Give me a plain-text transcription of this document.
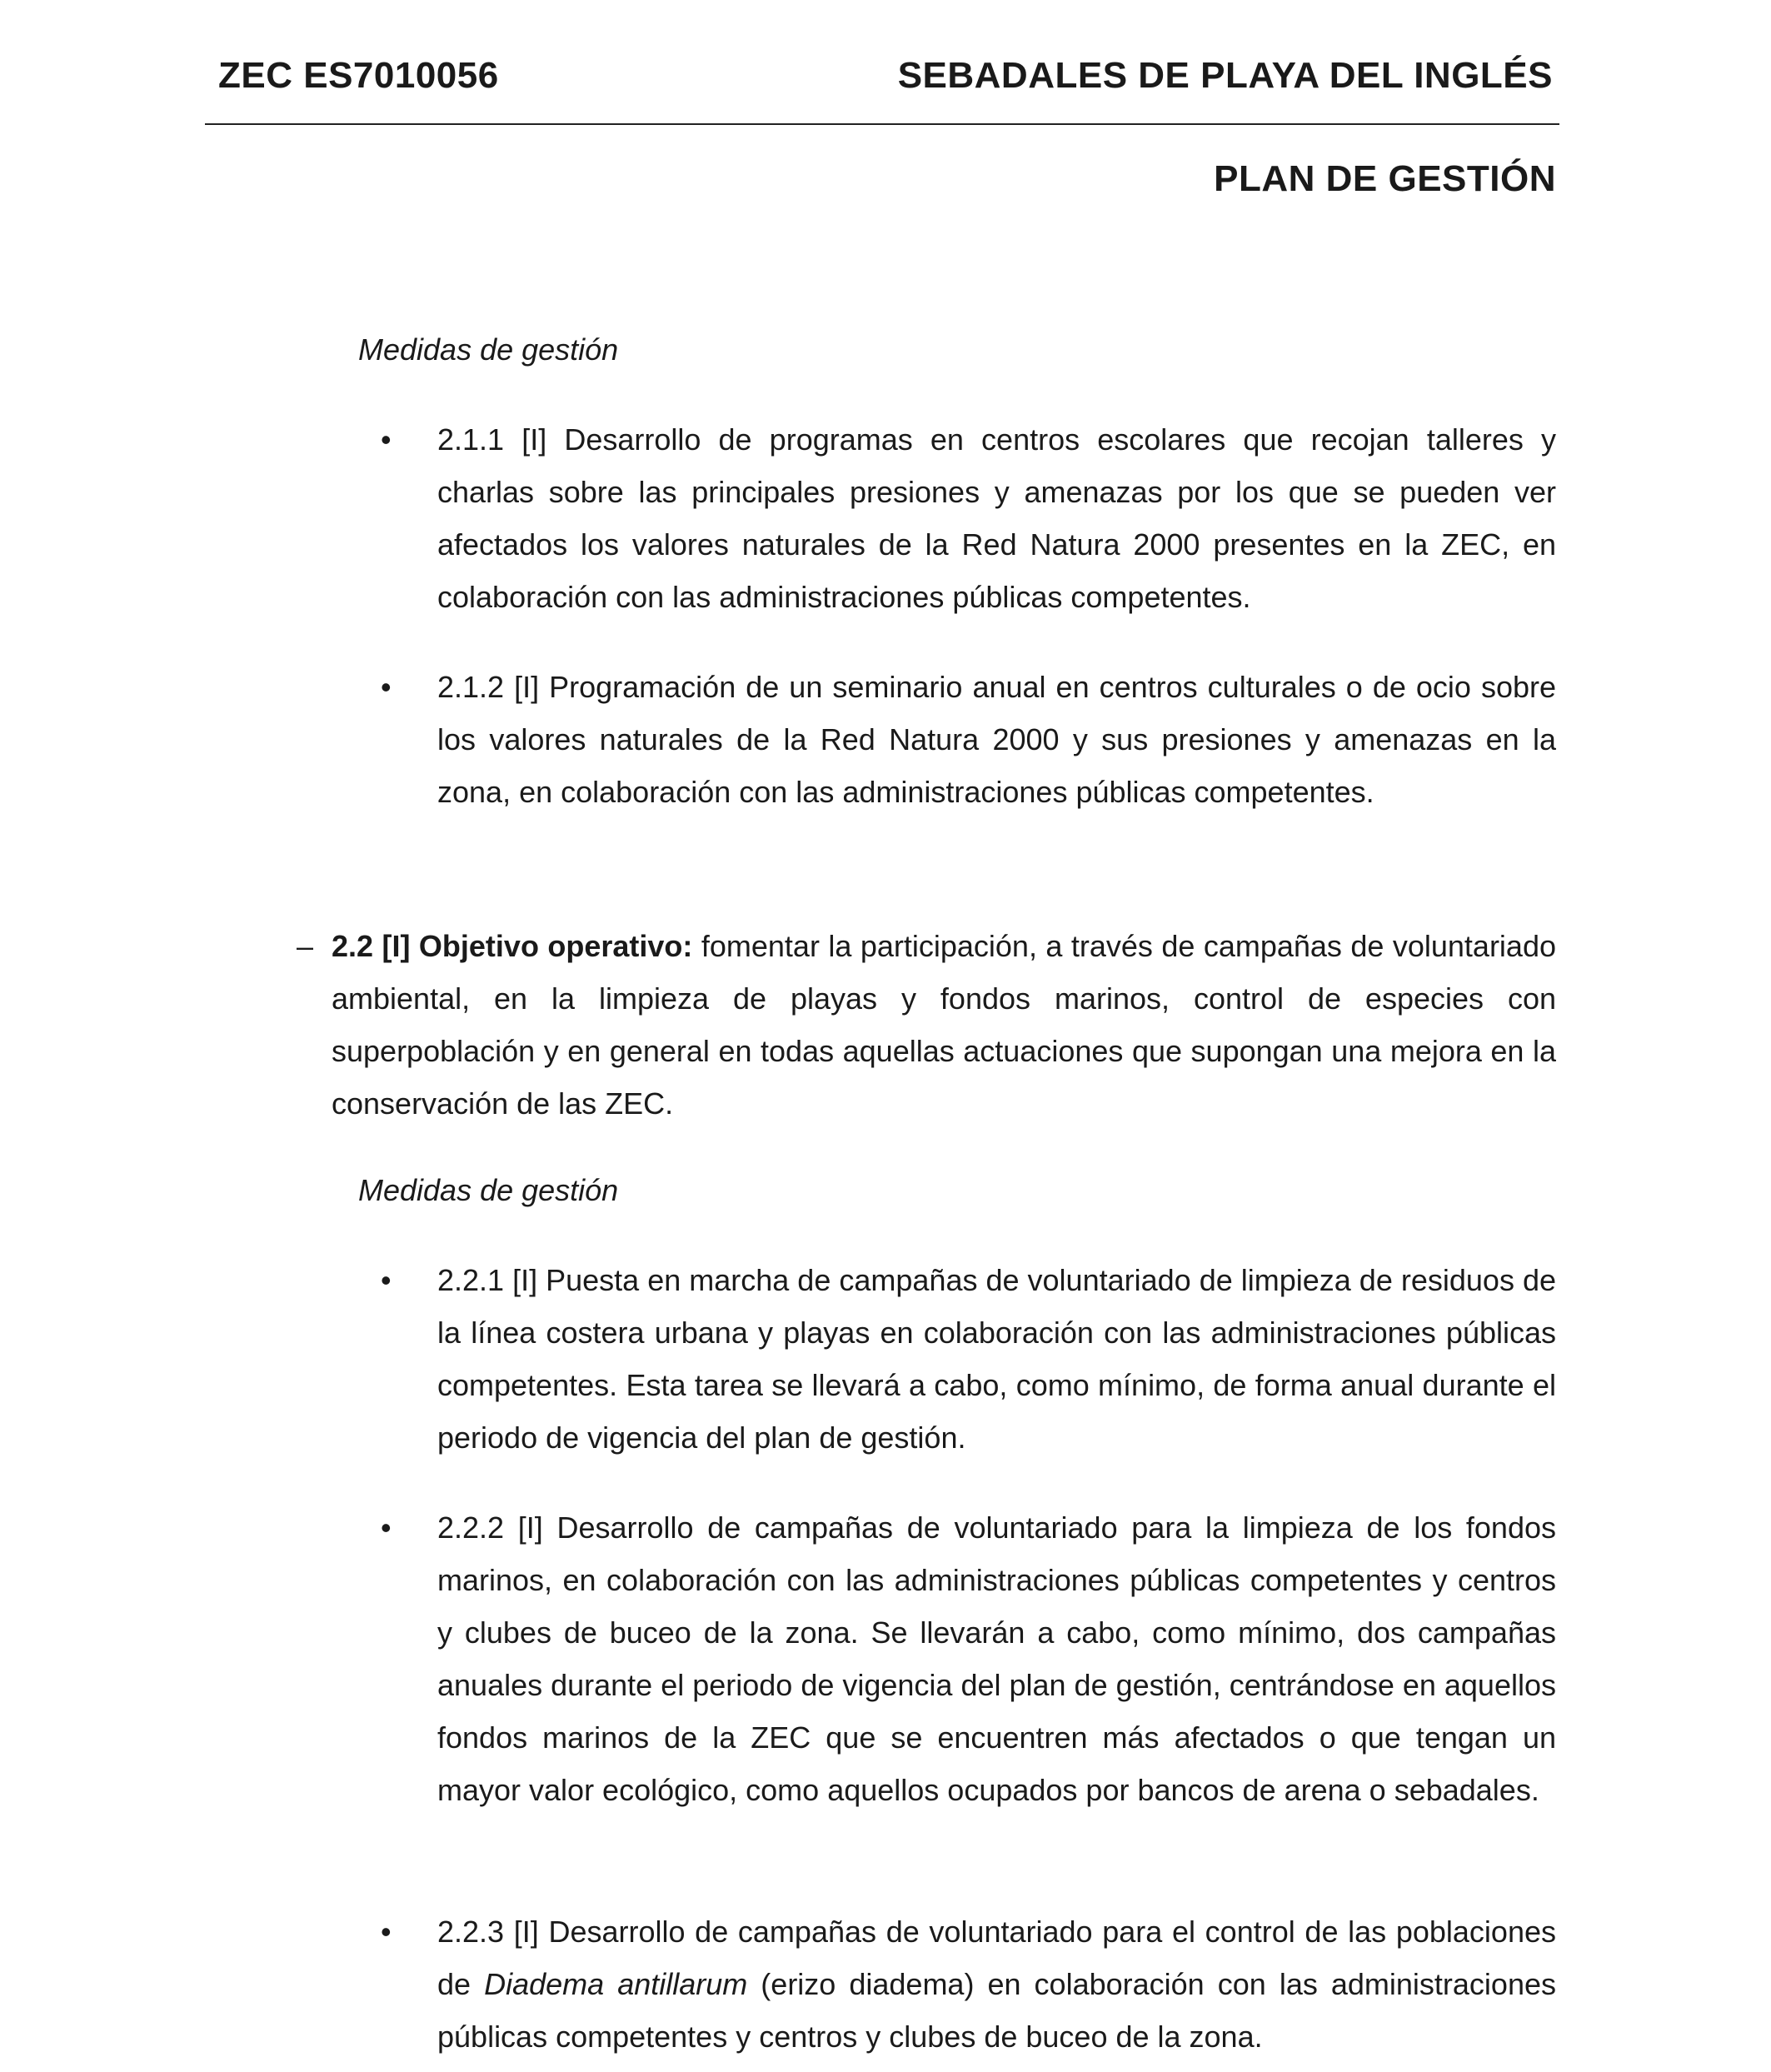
ZEC ES7010056	SEBADALES DE PLAYA DEL INGLÉS
PLAN DE GESTIÓN
Medidas de gestión
• 2.1.1 [I] Desarrollo de programas en centros escolares que recojan talleres y charlas sobre las principales presiones y amenazas por los que se pueden ver afectados los valores naturales de la Red Natura 2000 presentes en la ZEC, en colaboración con las administraciones públicas competentes.
• 2.1.2 [I] Programación de un seminario anual en centros culturales o de ocio sobre los valores naturales de la Red Natura 2000 y sus presiones y amenazas en la zona, en colaboración con las administraciones públicas competentes.
– 2.2 [I] Objetivo operativo: fomentar la participación, a través de campañas de voluntariado ambiental, en la limpieza de playas y fondos marinos, control de especies con superpoblación y en general en todas aquellas actuaciones que supongan una mejora en la conservación de las ZEC.
Medidas de gestión
• 2.2.1 [I] Puesta en marcha de campañas de voluntariado de limpieza de residuos de la línea costera urbana y playas en colaboración con las administraciones públicas competentes. Esta tarea se llevará a cabo, como mínimo, de forma anual durante el periodo de vigencia del plan de gestión.
• 2.2.2 [I] Desarrollo de campañas de voluntariado para la limpieza de los fondos marinos, en colaboración con las administraciones públicas competentes y centros y clubes de buceo de la zona. Se llevarán a cabo, como mínimo, dos campañas anuales durante el periodo de vigencia del plan de gestión, centrándose en aquellos fondos marinos de la ZEC que se encuentren más afectados o que tengan un mayor valor ecológico, como aquellos ocupados por bancos de arena o sebadales.
• 2.2.3 [I] Desarrollo de campañas de voluntariado para el control de las poblaciones de Diadema antillarum (erizo diadema) en colaboración con las administraciones públicas competentes y centros y clubes de buceo de la zona.
